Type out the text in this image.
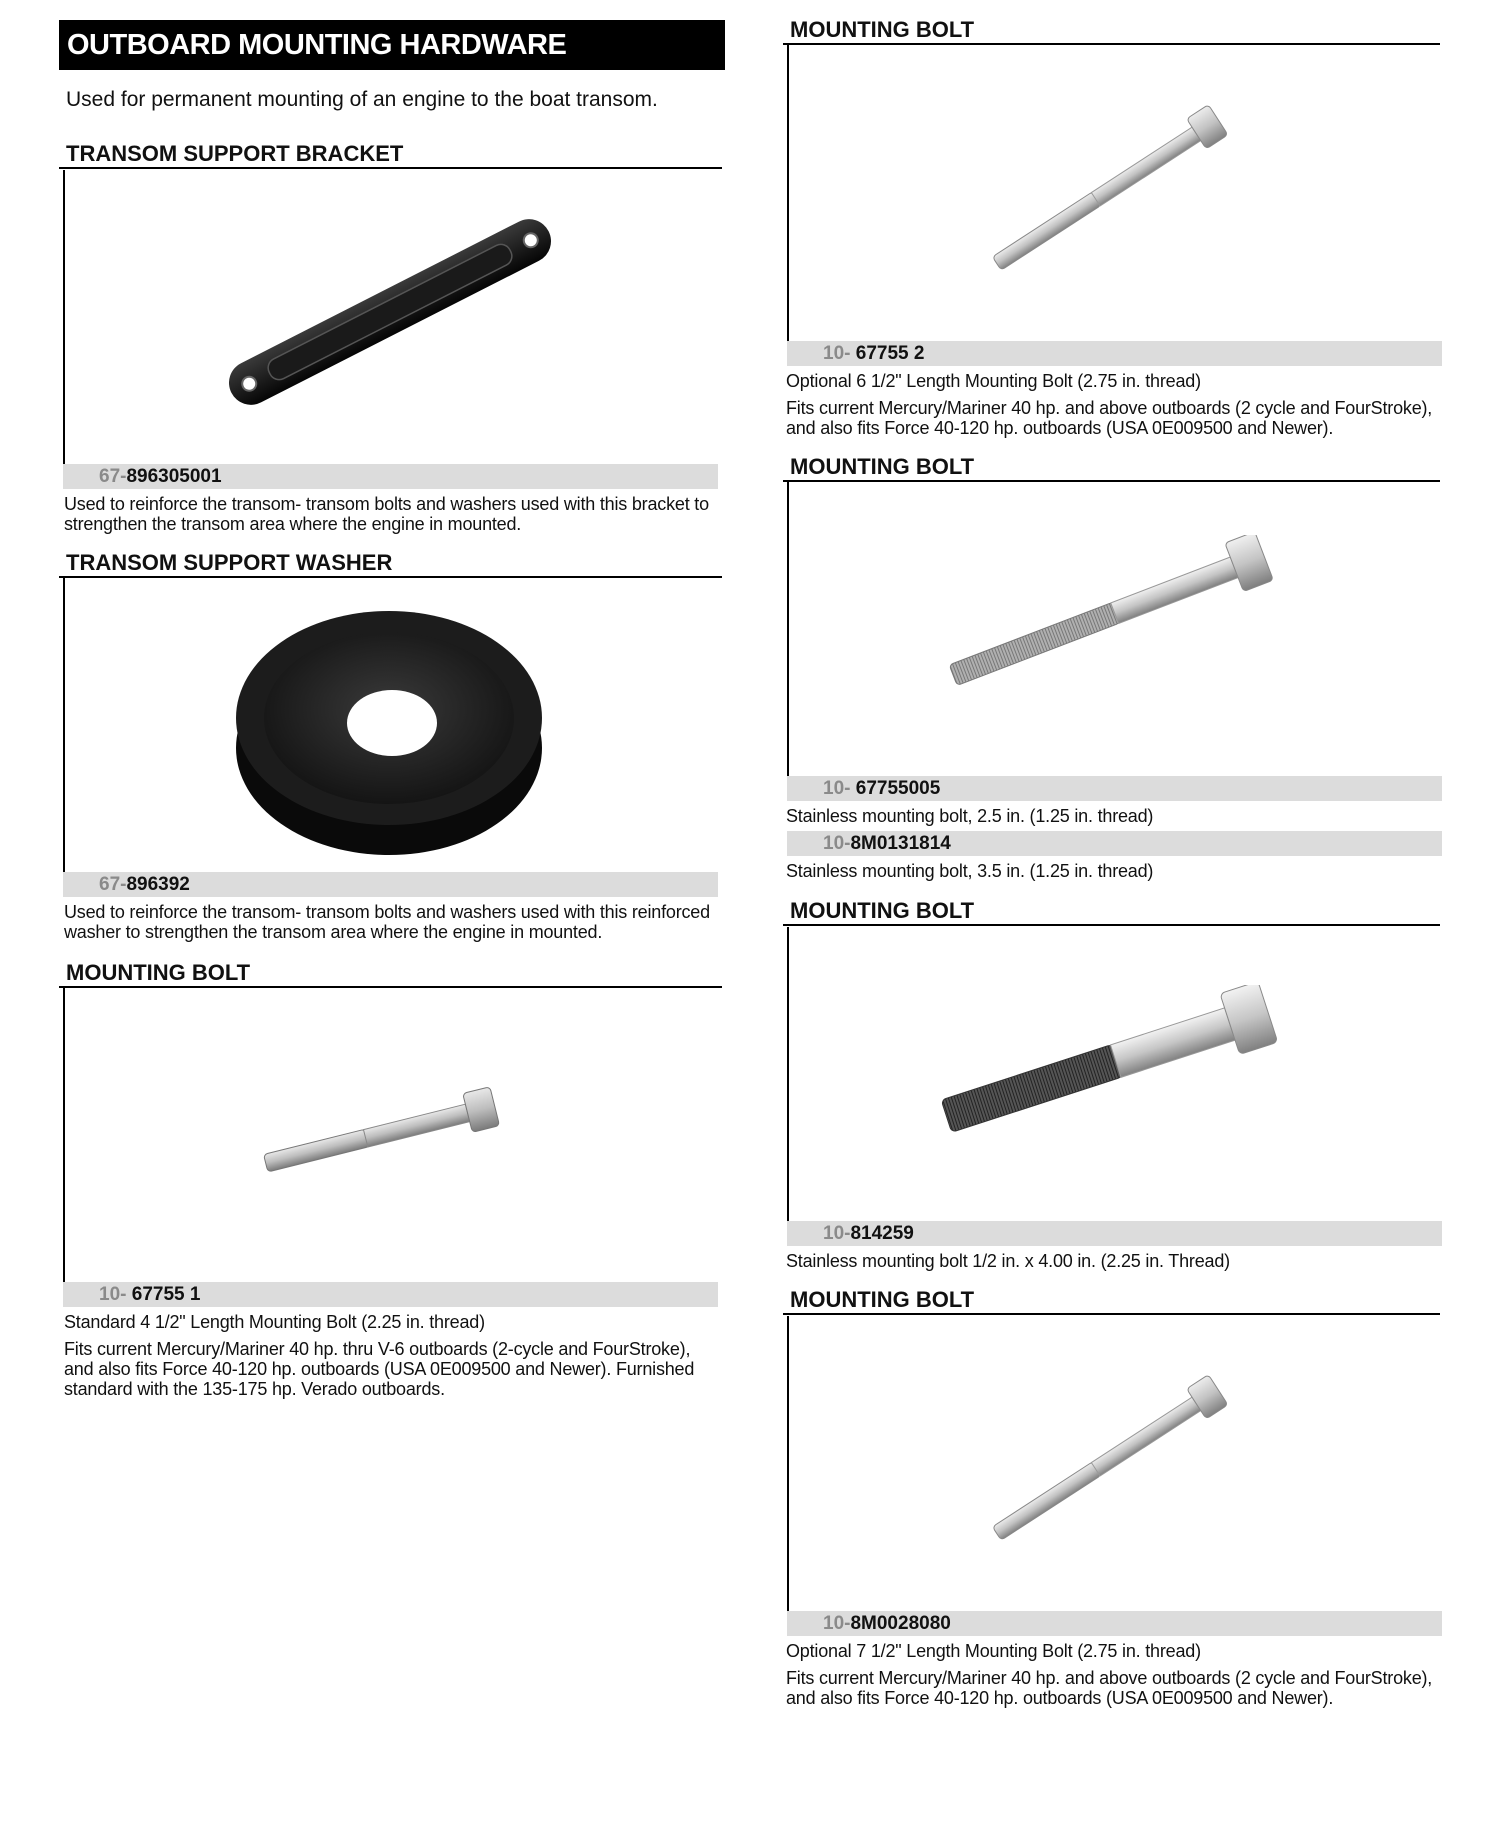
OUTBOARD MOUNTING HARDWARE
Used for permanent mounting of an engine to the boat transom.
TRANSOM SUPPORT BRACKET
67-896305001
Used to reinforce the transom- transom bolts and washers used with this bracket to
strengthen the transom area where the engine in mounted.
TRANSOM SUPPORT WASHER
67-896392
Used to reinforce the transom- transom bolts and washers used with this reinforced
washer to strengthen the transom area where the engine in mounted.
MOUNTING BOLT
10- 67755 1
Standard 4 1/2" Length Mounting Bolt (2.25 in. thread)
Fits current Mercury/Mariner 40 hp. thru V-6 outboards (2-cycle and FourStroke),
and also fits Force 40-120 hp. outboards (USA 0E009500 and Newer). Furnished
standard with the 135-175 hp. Verado outboards.
MOUNTING BOLT
10- 67755 2
Optional 6 1/2" Length Mounting Bolt (2.75 in. thread)
Fits current Mercury/Mariner 40 hp. and above outboards (2 cycle and FourStroke),
and also fits Force 40-120 hp. outboards (USA 0E009500 and Newer).
MOUNTING BOLT
10- 67755005
Stainless mounting bolt, 2.5 in. (1.25 in. thread)
10-8M0131814
Stainless mounting bolt, 3.5 in. (1.25 in. thread)
MOUNTING BOLT
10-814259
Stainless mounting bolt 1/2 in. x 4.00 in. (2.25 in. Thread)
MOUNTING BOLT
10-8M0028080
Optional 7 1/2" Length Mounting Bolt (2.75 in. thread)
Fits current Mercury/Mariner 40 hp. and above outboards (2 cycle and FourStroke),
and also fits Force 40-120 hp. outboards (USA 0E009500 and Newer).
